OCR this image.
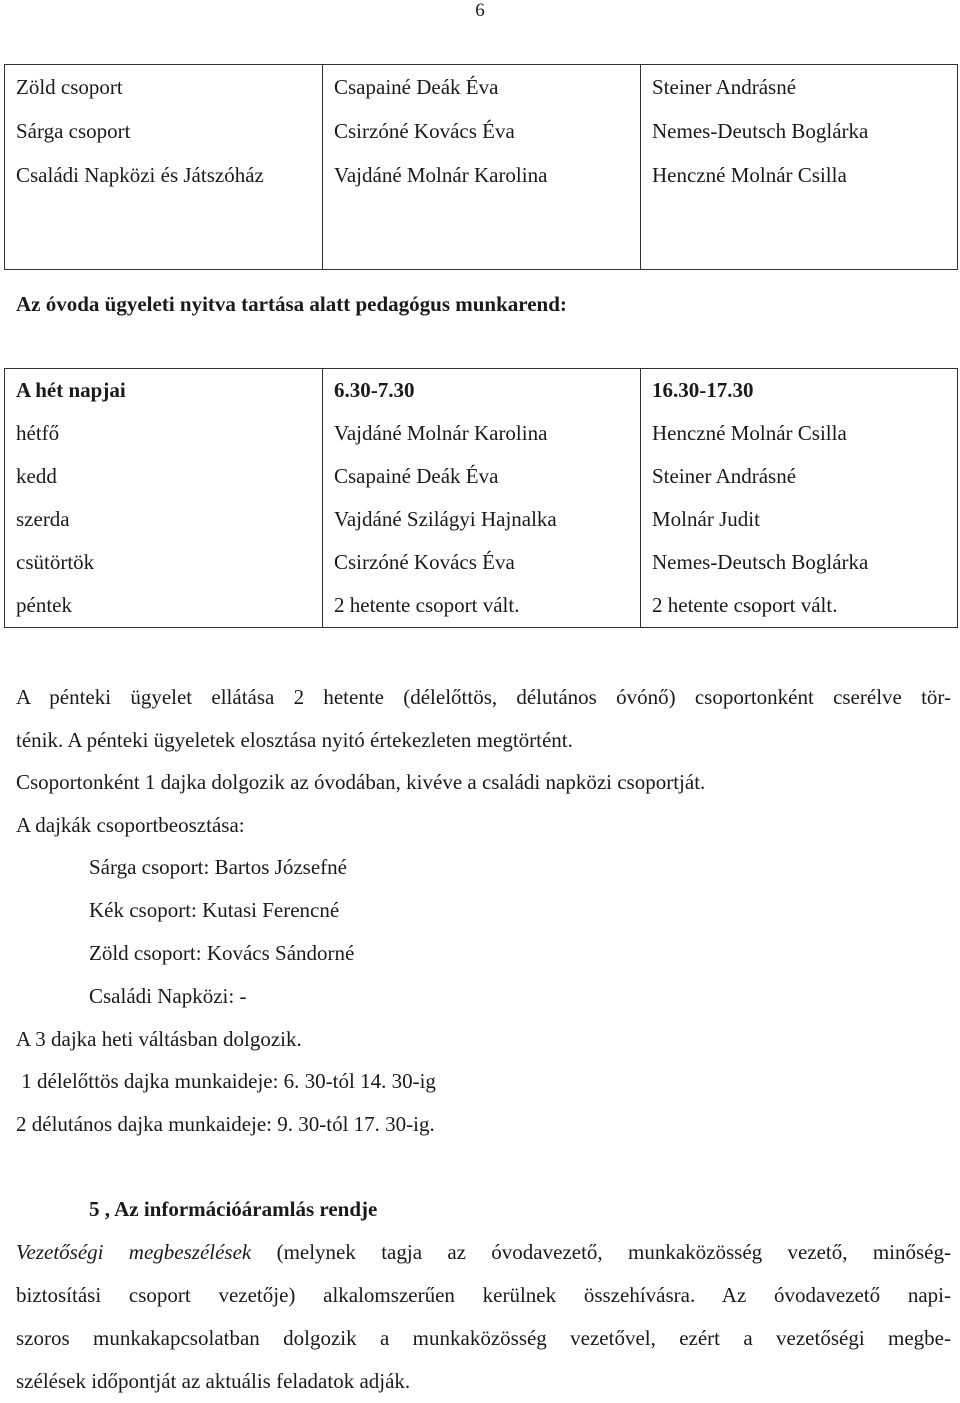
6
Zöld csoport	Csapainé Deák Éva	Steiner Andrásné
Sárga csoport	Csirzóné Kovács Éva	Nemes-Deutsch Boglárka
Családi Napközi és Játszóház	Vajdáné Molnár Karolina	Henczné Molnár Csilla

Az óvoda ügyeleti nyitva tartása alatt pedagógus munkarend:
A hét napjai	6.30-7.30	16.30-17.30
hétfő	Vajdáné Molnár Karolina	Henczné Molnár Csilla
kedd	Csapainé Deák Éva	Steiner Andrásné
szerda	Vajdáné Szilágyi Hajnalka	Molnár Judit
csütörtök	Csirzóné Kovács Éva	Nemes-Deutsch Boglárka
péntek	2 hetente csoport vált.	2 hetente csoport vált.
A pénteki ügyelet ellátása 2 hetente (délelőttös, délutános óvónő) csoportonként cserélve tör-
ténik. A pénteki ügyeletek elosztása nyitó értekezleten megtörtént.
Csoportonként 1 dajka dolgozik az óvodában, kivéve a családi napközi csoportját.
A dajkák csoportbeosztása:
Sárga csoport: Bartos Józsefné
Kék csoport: Kutasi Ferencné
Zöld csoport: Kovács Sándorné
Családi Napközi: -
A 3 dajka heti váltásban dolgozik.
1 délelőttös dajka munkaideje: 6. 30-tól 14. 30-ig
2 délutános dajka munkaideje: 9. 30-tól 17. 30-ig.
5 , Az információáramlás rendje
Vezetőségi megbeszélések (melynek tagja az óvodavezető, munkaközösség vezető, minőség-
biztosítási csoport vezetője) alkalomszerűen kerülnek összehívásra. Az óvodavezető napi-
szoros munkakapcsolatban dolgozik a munkaközösség vezetővel, ezért a vezetőségi megbe-
szélések időpontját az aktuális feladatok adják.
